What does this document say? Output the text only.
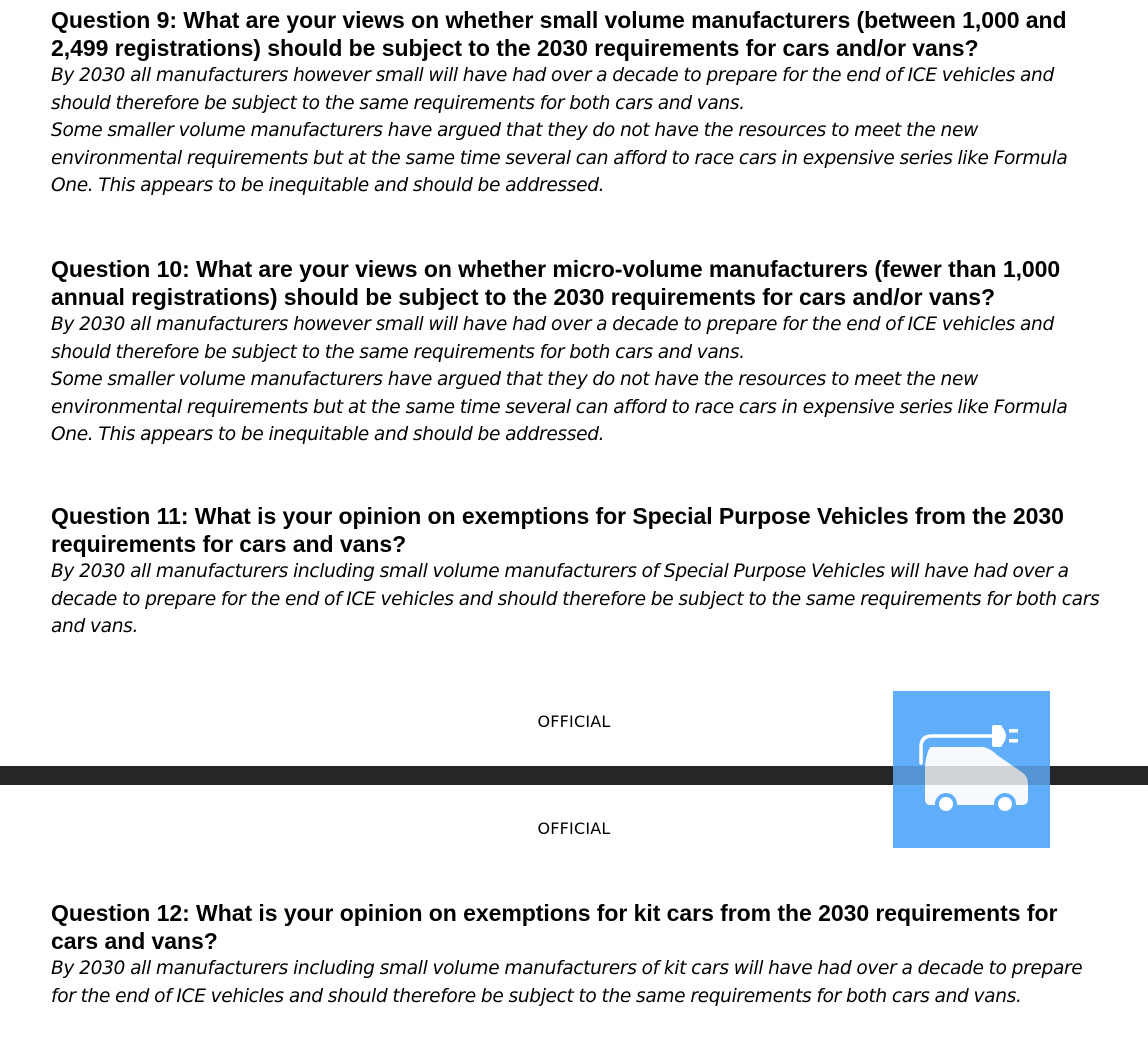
Question 9: What are your views on whether small volume manufacturers (between 1,000 and 2,499 registrations) should be subject to the 2030 requirements for cars and/or vans?
By 2030 all manufacturers however small will have had over a decade to prepare for the end of ICE vehicles and should therefore be subject to the same requirements for both cars and vans.
Some smaller volume manufacturers have argued that they do not have the resources to meet the new environmental requirements but at the same time several can afford to race cars in expensive series like Formula One. This appears to be inequitable and should be addressed.
Question 10: What are your views on whether micro-volume manufacturers (fewer than 1,000 annual registrations) should be subject to the 2030 requirements for cars and/or vans?
By 2030 all manufacturers however small will have had over a decade to prepare for the end of ICE vehicles and should therefore be subject to the same requirements for both cars and vans.
Some smaller volume manufacturers have argued that they do not have the resources to meet the new environmental requirements but at the same time several can afford to race cars in expensive series like Formula One. This appears to be inequitable and should be addressed.
Question 11: What is your opinion on exemptions for Special Purpose Vehicles from the 2030 requirements for cars and vans?
By 2030 all manufacturers including small volume manufacturers of Special Purpose Vehicles will have had over a decade to prepare for the end of ICE vehicles and should therefore be subject to the same requirements for both cars and vans.
OFFICIAL
OFFICIAL
Question 12: What is your opinion on exemptions for kit cars from the 2030 requirements for cars and vans?
By 2030 all manufacturers including small volume manufacturers of kit cars will have had over a decade to prepare for the end of ICE vehicles and should therefore be subject to the same requirements for both cars and vans.
